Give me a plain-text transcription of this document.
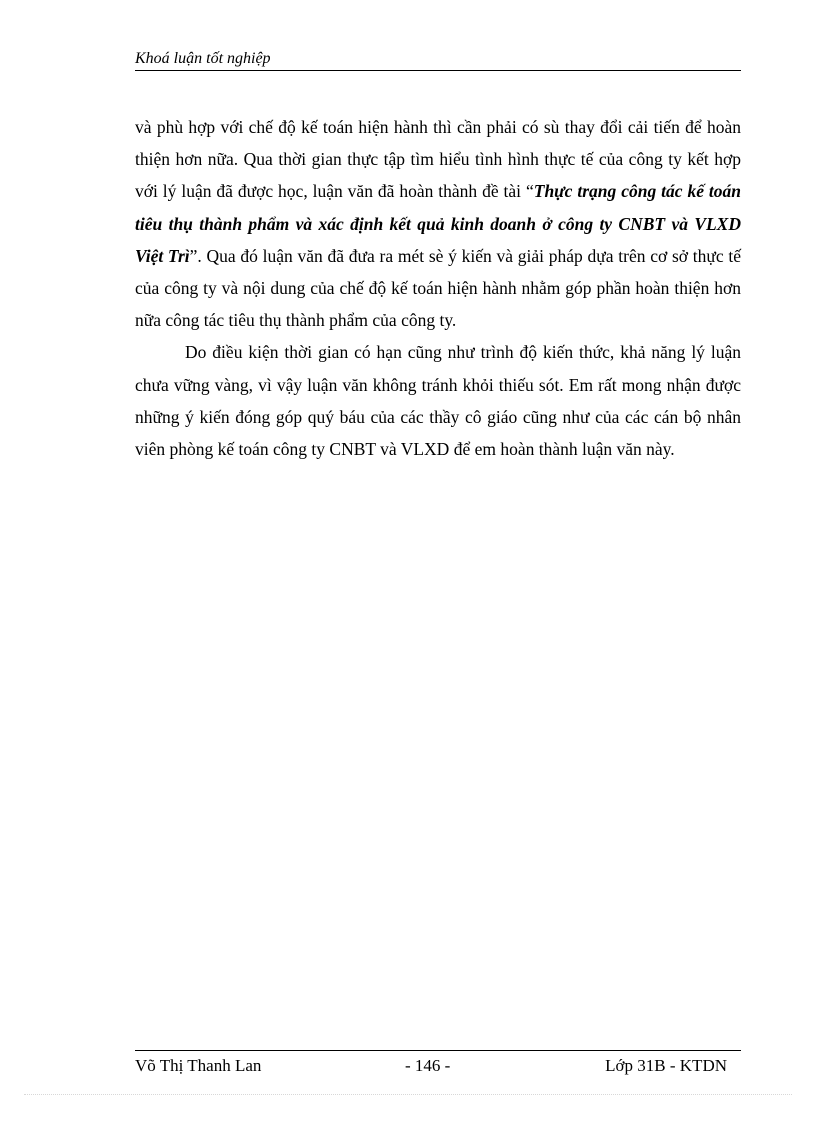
Khoá luận tốt nghiệp

và phù hợp với chế độ kế toán hiện hành thì cần phải có sù thay đổi cải tiến để hoàn thiện hơn nữa. Qua thời gian thực tập tìm hiểu tình hình thực tế của công ty kết hợp với lý luận đã được học, luận văn đã hoàn thành đề tài “Thực trạng công tác kế toán tiêu thụ thành phẩm và xác định kết quả kinh doanh ở công ty CNBT và VLXD Việt Trì”. Qua đó luận văn đã đưa ra mét sè ý kiến và giải pháp dựa trên cơ sở thực tế của công ty và nội dung của chế độ kế toán hiện hành nhằm góp phần hoàn thiện hơn nữa công tác tiêu thụ thành phẩm của công ty.

Do điều kiện thời gian có hạn cũng như trình độ kiến thức, khả năng lý luận chưa vững vàng, vì vậy luận văn không tránh khỏi thiếu sót. Em rất mong nhận được những ý kiến đóng góp quý báu của các thầy cô giáo cũng như của các cán bộ nhân viên phòng kế toán công ty CNBT và VLXD để em hoàn thành luận văn này.

Võ Thị Thanh Lan	- 146 -	Lớp 31B - KTDN
